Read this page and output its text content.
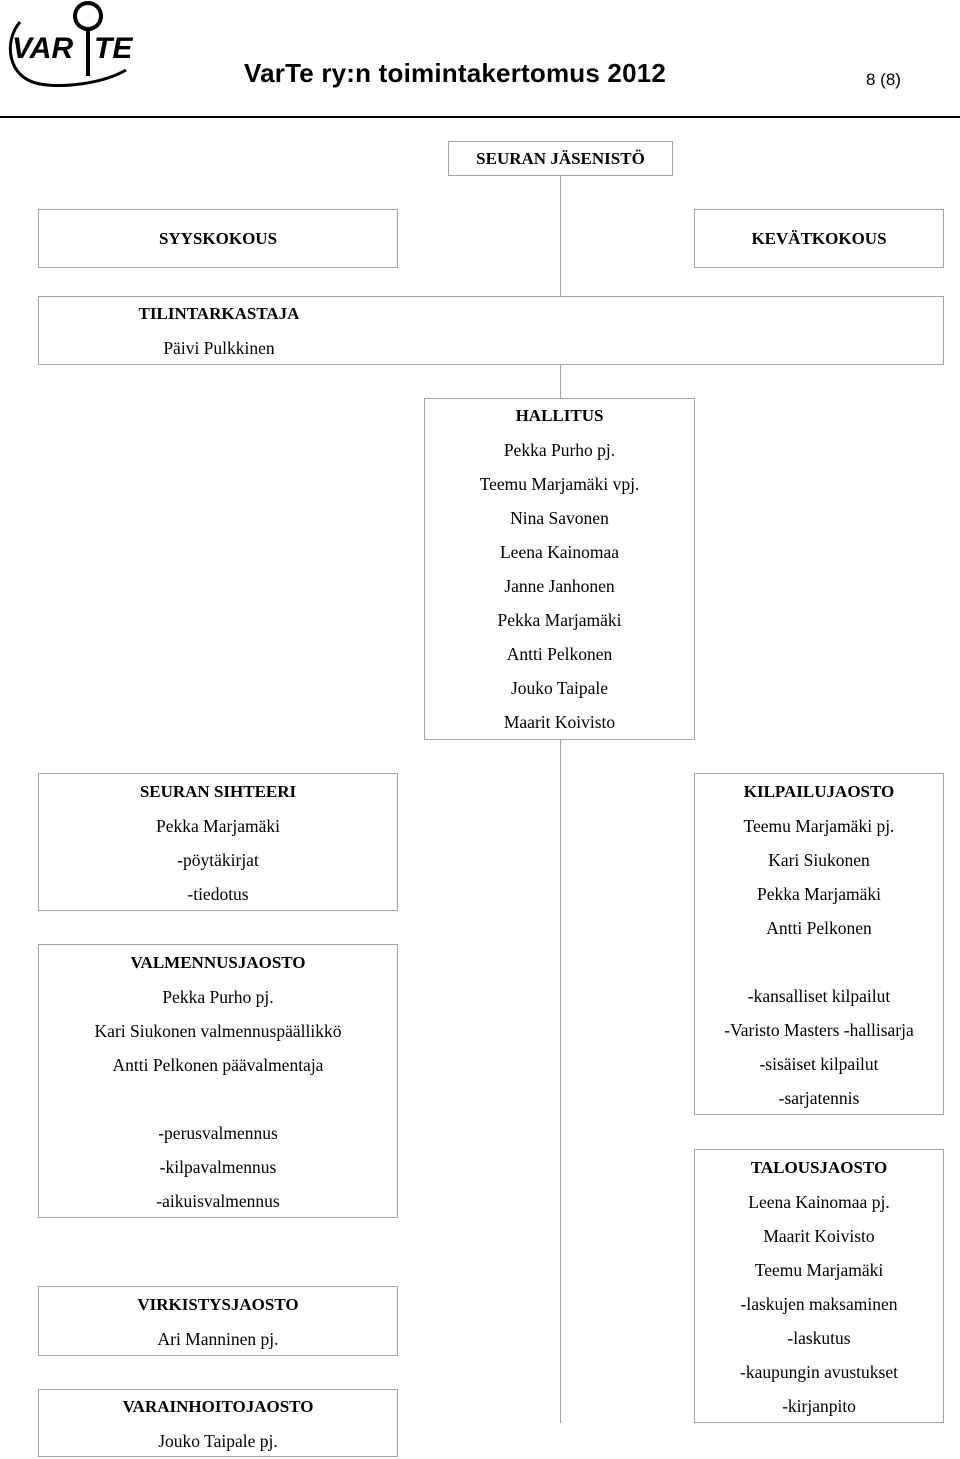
VAR TE
VarTe ry:n toimintakertomus 2012	8 (8)
SEURAN JÄSENISTÖ
SYYSKOKOUS	KEVÄTKOKOUS
TILINTARKASTAJA
Päivi Pulkkinen
HALLITUS
Pekka Purho pj.
Teemu Marjamäki vpj.
Nina Savonen
Leena Kainomaa
Janne Janhonen
Pekka Marjamäki
Antti Pelkonen
Jouko Taipale
Maarit Koivisto
SEURAN SIHTEERI
Pekka Marjamäki
-pöytäkirjat
-tiedotus
VALMENNUSJAOSTO
Pekka Purho pj.
Kari Siukonen valmennuspäällikkö
Antti Pelkonen päävalmentaja
-perusvalmennus
-kilpavalmennus
-aikuisvalmennus
VIRKISTYSJAOSTO
Ari Manninen pj.
VARAINHOITOJAOSTO
Jouko Taipale pj.
KILPAILUJAOSTO
Teemu Marjamäki pj.
Kari Siukonen
Pekka Marjamäki
Antti Pelkonen
-kansalliset kilpailut
-Varisto Masters -hallisarja
-sisäiset kilpailut
-sarjatennis
TALOUSJAOSTO
Leena Kainomaa pj.
Maarit Koivisto
Teemu Marjamäki
-laskujen maksaminen
-laskutus
-kaupungin avustukset
-kirjanpito
